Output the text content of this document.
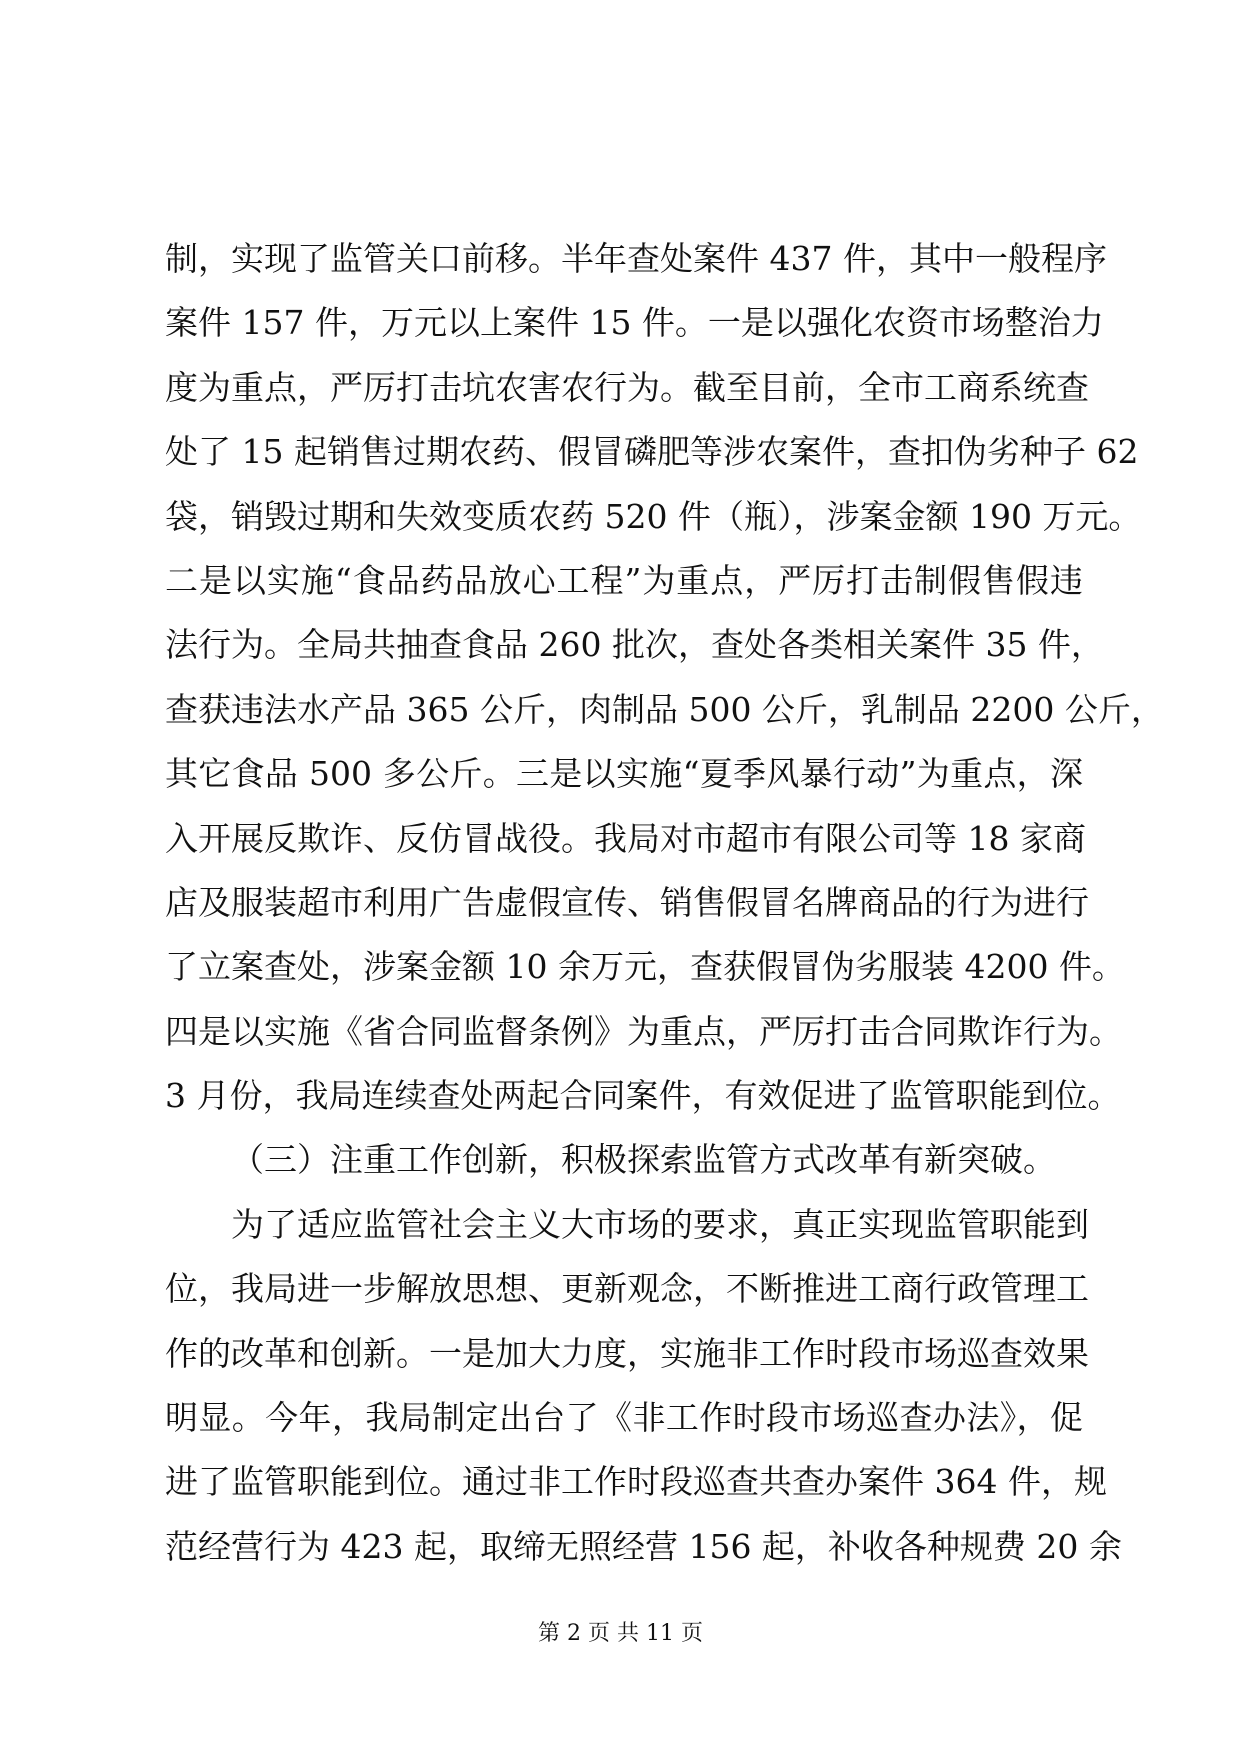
制，实现了监管关口前移。半年查处案件 437 件，其中一般程序
案件 157 件，万元以上案件 15 件。一是以强化农资市场整治力
度为重点，严厉打击坑农害农行为。截至目前，全市工商系统查
处了 15 起销售过期农药、假冒磷肥等涉农案件，查扣伪劣种子 62
袋，销毁过期和失效变质农药 520 件（瓶），涉案金额 190 万元。
二是以实施“食品药品放心工程”为重点，严厉打击制假售假违
法行为。全局共抽查食品 260 批次，查处各类相关案件 35 件，
查获违法水产品 365 公斤，肉制品 500 公斤，乳制品 2200 公斤，
其它食品 500 多公斤。三是以实施“夏季风暴行动”为重点，深
入开展反欺诈、反仿冒战役。我局对市超市有限公司等 18 家商
店及服装超市利用广告虚假宣传、销售假冒名牌商品的行为进行
了立案查处，涉案金额 10 余万元，查获假冒伪劣服装 4200 件。
四是以实施《省合同监督条例》为重点，严厉打击合同欺诈行为。
3 月份，我局连续查处两起合同案件，有效促进了监管职能到位。
（三）注重工作创新，积极探索监管方式改革有新突破。
为了适应监管社会主义大市场的要求，真正实现监管职能到
位，我局进一步解放思想、更新观念，不断推进工商行政管理工
作的改革和创新。一是加大力度，实施非工作时段市场巡查效果
明显。今年，我局制定出台了《非工作时段市场巡查办法》，促
进了监管职能到位。通过非工作时段巡查共查办案件 364 件，规
范经营行为 423 起，取缔无照经营 156 起，补收各种规费 20 余
第 2 页 共 11 页
